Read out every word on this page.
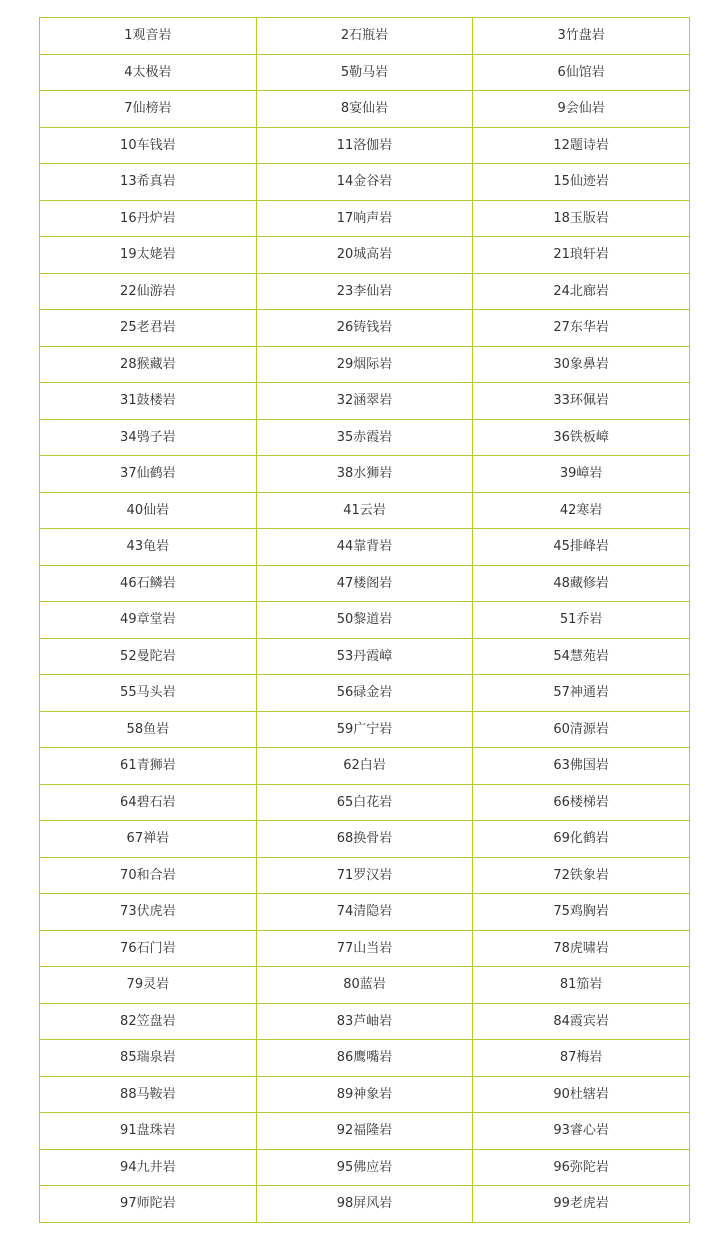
1观音岩	2石瓶岩	3竹盘岩
4太极岩	5勒马岩	6仙馆岩
7仙榜岩	8宴仙岩	9会仙岩
10车钱岩	11洛伽岩	12题诗岩
13希真岩	14金谷岩	15仙迹岩
16丹炉岩	17响声岩	18玉版岩
19太姥岩	20城高岩	21琅轩岩
22仙游岩	23李仙岩	24北廊岩
25老君岩	26铸钱岩	27东华岩
28猴藏岩	29烟际岩	30象鼻岩
31鼓楼岩	32涵翠岩	33环佩岩
34鸮子岩	35赤霞岩	36铁板嶂
37仙鹤岩	38水狮岩	39嶂岩
40仙岩	41云岩	42寒岩
43龟岩	44靠背岩	45排峰岩
46石鳞岩	47楼阁岩	48藏修岩
49章堂岩	50黎道岩	51乔岩
52曼陀岩	53丹霞嶂	54慧苑岩
55马头岩	56碌金岩	57神通岩
58鱼岩	59广宁岩	60清源岩
61青狮岩	62白岩	63佛国岩
64碧石岩	65白花岩	66楼梯岩
67禅岩	68换骨岩	69化鹤岩
70和合岩	71罗汉岩	72铁象岩
73伏虎岩	74清隐岩	75鸡胸岩
76石门岩	77山当岩	78虎啸岩
79灵岩	80蓝岩	81笳岩
82笠盘岩	83芦岫岩	84霞宾岩
85瑞泉岩	86鹰嘴岩	87梅岩
88马鞍岩	89神象岩	90杜辖岩
91盘珠岩	92福隆岩	93睿心岩
94九井岩	95佛应岩	96弥陀岩
97师陀岩	98屏风岩	99老虎岩
